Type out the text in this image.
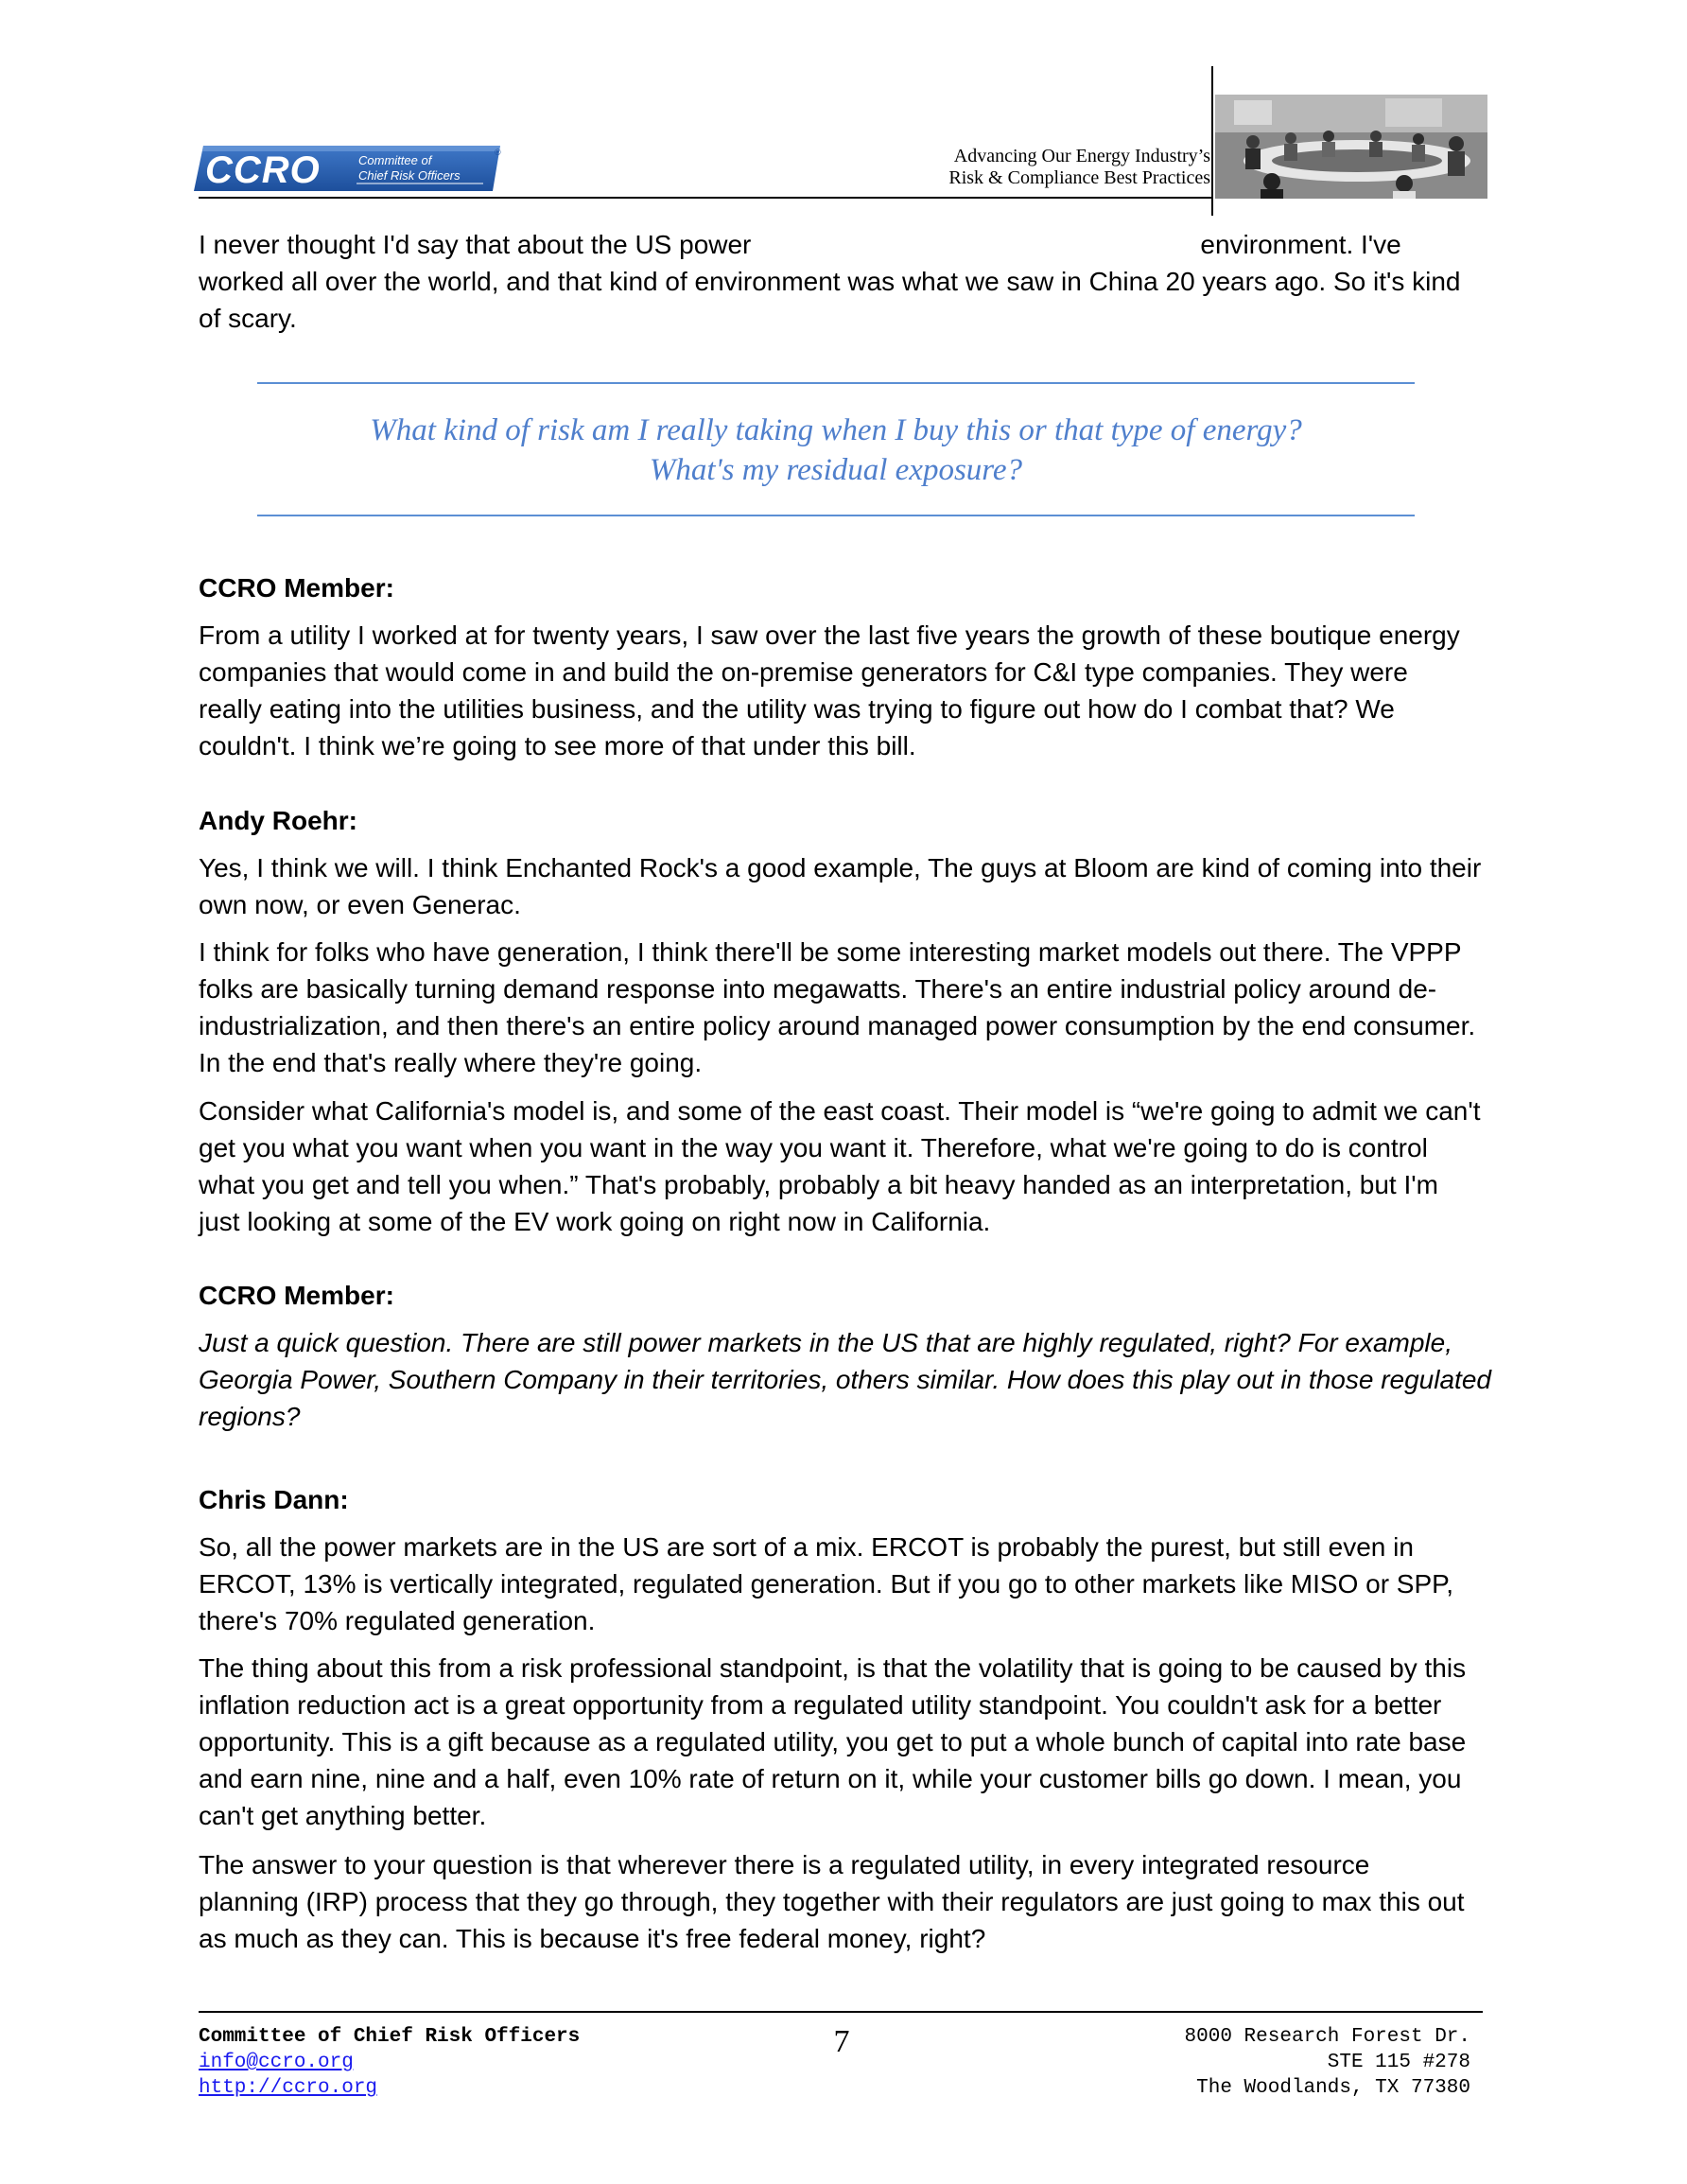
CCRO	Committee of
Chief Risk Officers
®	Advancing Our Energy Industry’s
Risk & Compliance Best Practices
I never thought I'd say that about the US power	environment. I've
worked all over the world, and that kind of environment was what we saw in China 20 years ago. So it's kind of scary.
What kind of risk am I really taking when I buy this or that type of energy?
What's my residual exposure?
CCRO Member:
From a utility I worked at for twenty years, I saw over the last five years the growth of these boutique energy companies that would come in and build the on-premise generators for C&I type companies. They were really eating into the utilities business, and the utility was trying to figure out how do I combat that? We couldn't. I think we’re going to see more of that under this bill.
Andy Roehr:
Yes, I think we will. I think Enchanted Rock's a good example, The guys at Bloom are kind of coming into their own now, or even Generac.
I think for folks who have generation, I think there'll be some interesting market models out there. The VPPP folks are basically turning demand response into megawatts. There's an entire industrial policy around de-industrialization, and then there's an entire policy around managed power consumption by the end consumer. In the end that's really where they're going.
Consider what California's model is, and some of the east coast. Their model is “we're going to admit we can't get you what you want when you want in the way you want it. Therefore, what we're going to do is control what you get and tell you when.” That's probably, probably a bit heavy handed as an interpretation, but I'm just looking at some of the EV work going on right now in California.
CCRO Member:
Just a quick question. There are still power markets in the US that are highly regulated, right? For example, Georgia Power, Southern Company in their territories, others similar. How does this play out in those regulated regions?
Chris Dann:
So, all the power markets are in the US are sort of a mix. ERCOT is probably the purest, but still even in ERCOT, 13% is vertically integrated, regulated generation. But if you go to other markets like MISO or SPP, there's 70% regulated generation.
The thing about this from a risk professional standpoint, is that the volatility that is going to be caused by this inflation reduction act is a great opportunity from a regulated utility standpoint. You couldn't ask for a better opportunity. This is a gift because as a regulated utility, you get to put a whole bunch of capital into rate base and earn nine, nine and a half, even 10% rate of return on it, while your customer bills go down. I mean, you can't get anything better.
The answer to your question is that wherever there is a regulated utility, in every integrated resource planning (IRP) process that they go through, they together with their regulators are just going to max this out as much as they can. This is because it's free federal money, right?
Committee of Chief Risk Officers
info@ccro.org
http://ccro.org
7	8000 Research Forest Dr.
STE 115 #278
The Woodlands, TX 77380
